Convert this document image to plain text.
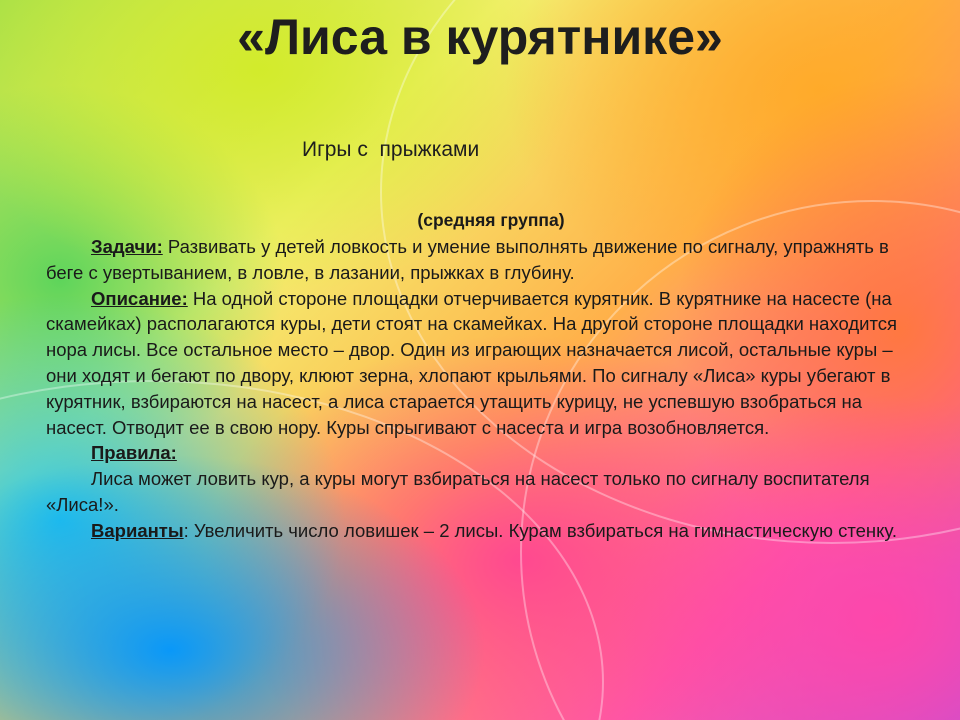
«Лиса в курятнике»
Игры с  прыжками
(средняя группа)

Задачи: Развивать у детей ловкость и умение выполнять движение по сигналу, упражнять в беге с увертыванием, в ловле, в лазании, прыжках в глубину.

Описание: На одной стороне площадки отчерчивается курятник. В курятнике на насесте (на скамейках) располагаются куры, дети стоят на скамейках. На другой стороне площадки находится нора лисы. Все остальное место – двор. Один из играющих назначается лисой, остальные куры – они ходят и бегают по двору, клюют зерна, хлопают крыльями. По сигналу «Лиса» куры убегают в курятник, взбираются на насест, а лиса старается утащить курицу, не успевшую взобраться на насест. Отводит ее в свою нору. Куры спрыгивают с насеста и игра возобновляется.

Правила:

Лиса может ловить кур, а куры могут взбираться на насест только по сигналу воспитателя «Лиса!».

Варианты: Увеличить число ловишек – 2 лисы. Курам взбираться на гимнастическую стенку.
